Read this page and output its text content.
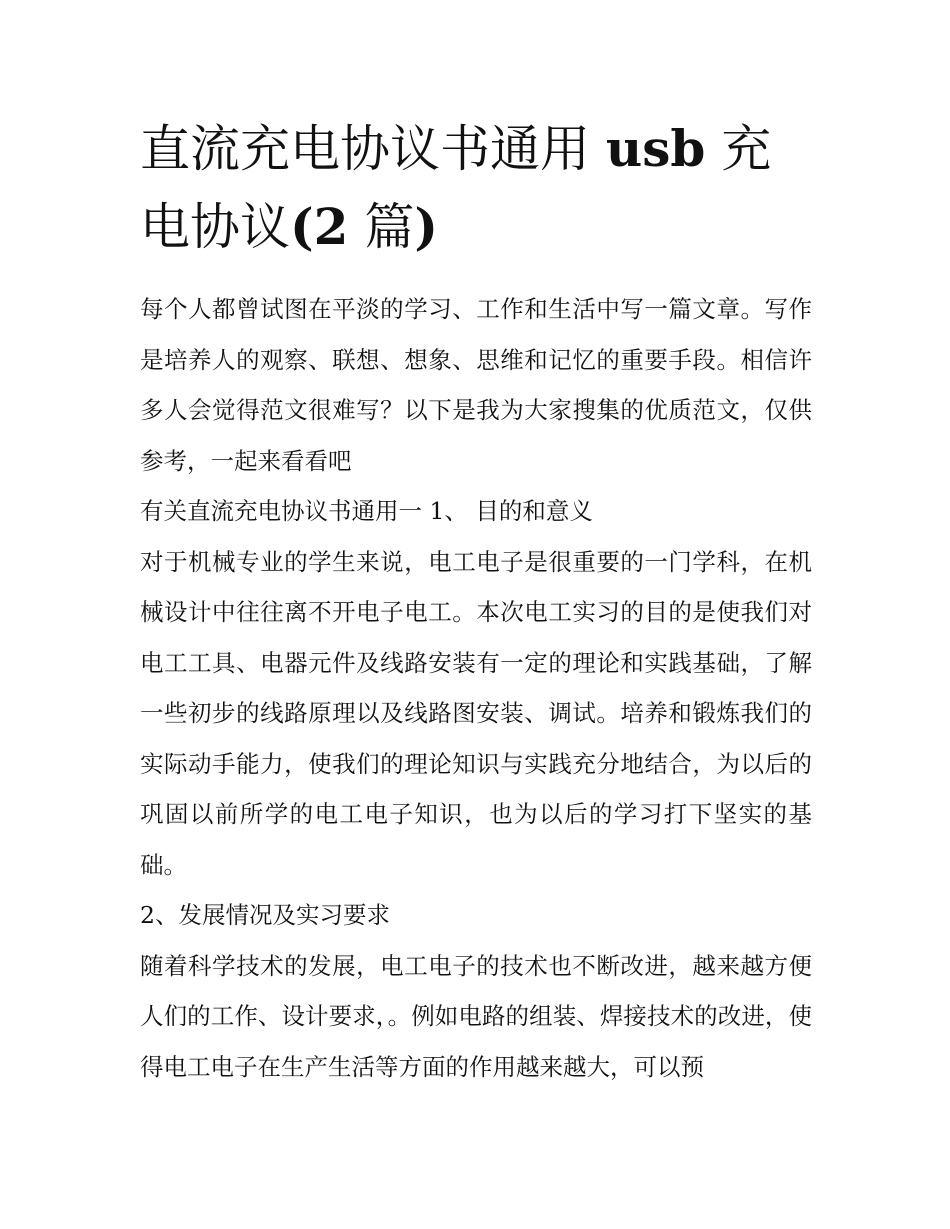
直流充电协议书通用 usb 充电协议(2 篇)

每个人都曾试图在平淡的学习、工作和生活中写一篇文章。写作是培养人的观察、联想、想象、思维和记忆的重要手段。相信许多人会觉得范文很难写？以下是我为大家搜集的优质范文，仅供参考，一起来看看吧

有关直流充电协议书通用一 1、 目的和意义

对于机械专业的学生来说，电工电子是很重要的一门学科，在机械设计中往往离不开电子电工。本次电工实习的目的是使我们对电工工具、电器元件及线路安装有一定的理论和实践基础，了解一些初步的线路原理以及线路图安装、调试。培养和锻炼我们的实际动手能力，使我们的理论知识与实践充分地结合，为以后的巩固以前所学的电工电子知识，也为以后的学习打下坚实的基础。

2、发展情况及实习要求

随着科学技术的发展，电工电子的技术也不断改进，越来越方便人们的工作、设计要求，。例如电路的组装、焊接技术的改进，使得电工电子在生产生活等方面的作用越来越大，可以预
